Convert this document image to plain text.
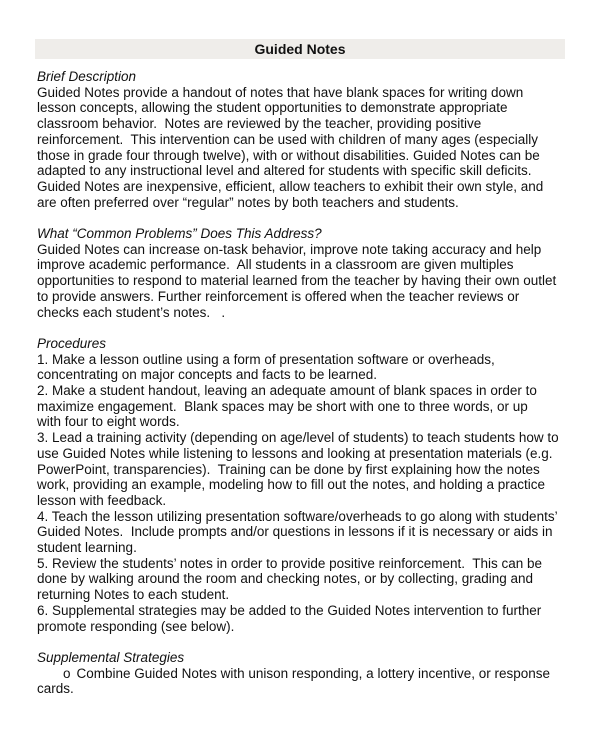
Guided Notes
Brief Description
Guided Notes provide a handout of notes that have blank spaces for writing down
lesson concepts, allowing the student opportunities to demonstrate appropriate
classroom behavior.  Notes are reviewed by the teacher, providing positive
reinforcement.  This intervention can be used with children of many ages (especially
those in grade four through twelve), with or without disabilities. Guided Notes can be
adapted to any instructional level and altered for students with specific skill deficits.
Guided Notes are inexpensive, efficient, allow teachers to exhibit their own style, and
are often preferred over “regular” notes by both teachers and students.
What “Common Problems” Does This Address?
Guided Notes can increase on-task behavior, improve note taking accuracy and help
improve academic performance.  All students in a classroom are given multiples
opportunities to respond to material learned from the teacher by having their own outlet
to provide answers. Further reinforcement is offered when the teacher reviews or
checks each student’s notes.   .
Procedures
1. Make a lesson outline using a form of presentation software or overheads,
concentrating on major concepts and facts to be learned.
2. Make a student handout, leaving an adequate amount of blank spaces in order to
maximize engagement.  Blank spaces may be short with one to three words, or up
with four to eight words.
3. Lead a training activity (depending on age/level of students) to teach students how to
use Guided Notes while listening to lessons and looking at presentation materials (e.g.
PowerPoint, transparencies).  Training can be done by first explaining how the notes
work, providing an example, modeling how to fill out the notes, and holding a practice
lesson with feedback.
4. Teach the lesson utilizing presentation software/overheads to go along with students’
Guided Notes.  Include prompts and/or questions in lessons if it is necessary or aids in
student learning.
5. Review the students’ notes in order to provide positive reinforcement.  This can be
done by walking around the room and checking notes, or by collecting, grading and
returning Notes to each student.
6. Supplemental strategies may be added to the Guided Notes intervention to further
promote responding (see below).
Supplemental Strategies
o Combine Guided Notes with unison responding, a lottery incentive, or response
cards.
